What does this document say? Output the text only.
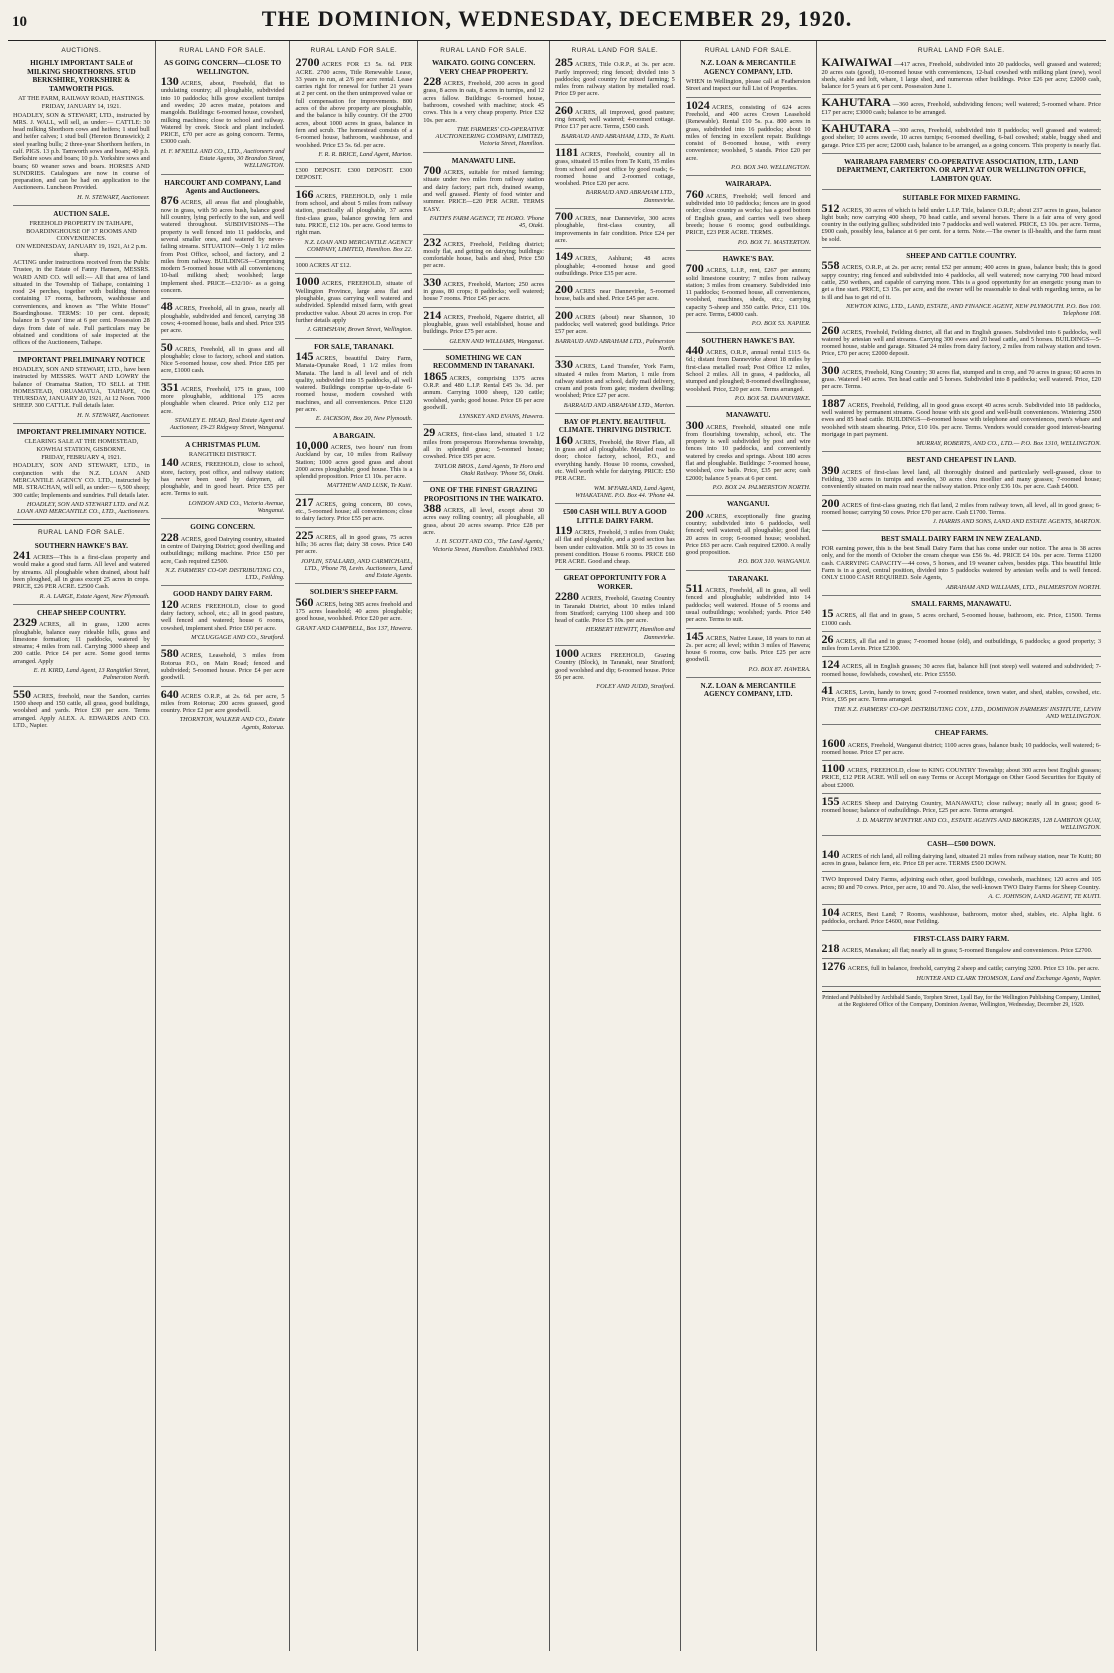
10	THE DOMINION, WEDNESDAY, DECEMBER 29, 1920.
AUCTIONS.
HIGHLY IMPORTANT SALE of MILKING SHORTHORNS. STUD BERKSHIRE, YORKSHIRE & TAMWORTH PIGS.
AT THE FARM, RAILWAY ROAD, HASTINGS.
FRIDAY, JANUARY 14, 1921.
HOADLEY, SON & STEWART, LTD., instructed by MRS. J. WALL, will sell, as under:— CATTLE: 30 head milking Shorthorn cows and heifers; 1 stud bull and heifer calves; 1 stud bull (Hereton Brunswick); 2 steel yearling bulls; 2 three-year Shorthorn heifers, in calf. PIGS. 13 p.b. Tamworth sows and boars; 40 p.b. Berkshire sows and boars; 10 p.b. Yorkshire sows and boars; 60 weaner sows and boars. HORSES AND SUNDRIES. Catalogues are now in course of preparation, and can be had on application to the Auctioneers. Luncheon Provided.
H. N. STEWART, Auctioneer.
AUCTION SALE.
FREEHOLD PROPERTY IN TAIHAPE, BOARDINGHOUSE OF 17 ROOMS AND CONVENIENCES.
ON WEDNESDAY, JANUARY 19, 1921, At 2 p.m. sharp.
ACTING under instructions received from the Public Trustee, in the Estate of Fanny Hansen, MESSRS. WARD AND CO. will sell:— All that area of land situated in the Township of Taihape, containing 1 rood 24 perches, together with building thereon containing 17 rooms, bathroom, washhouse and conveniences, and known as "The White House" Boardinghouse. TERMS: 10 per cent. deposit; balance in 5 years' time at 6 per cent. Possession 28 days from date of sale. Full particulars may be obtained and conditions of sale inspected at the offices of the Auctioneers, Taihape.
IMPORTANT PRELIMINARY NOTICE
HOADLEY, SON AND STEWART, LTD., have been instructed by MESSRS. WATT AND LOWRY the balance of Oramatua Station, TO SELL at THE HOMESTEAD, ORUAMATUA, TAIHAPE, On THURSDAY, JANUARY 20, 1921, At 12 Noon. 7000 SHEEP. 300 CATTLE. Full details later.
H. N. STEWART, Auctioneer.
IMPORTANT PRELIMINARY NOTICE.
CLEARING SALE AT THE HOMESTEAD, KOWHAI STATION, GISBORNE.
FRIDAY, FEBRUARY 4, 1921.
HOADLEY, SON AND STEWART, LTD., in conjunction with the N.Z. LOAN AND MERCANTILE AGENCY CO. LTD., instructed by MR. STRACHAN, will sell, as under:— 6,500 sheep; 300 cattle; Implements and sundries. Full details later.
HOADLEY, SON AND STEWART LTD. and N.Z. LOAN AND MERCANTILE CO., LTD., Auctioneers.
RURAL LAND FOR SALE.
SOUTHERN HAWKE'S BAY.
241 ACRES—This is a first-class property and would make a good stud farm. All level and watered by streams. All ploughable when drained, about half been ploughed, all in grass except 25 acres in crops. PRICE, £26 PER ACRE. £2500 Cash.
R. A. LARGE, Estate Agent, New Plymouth.
CHEAP SHEEP COUNTRY.
2329 ACRES, all in grass, 1200 acres ploughable, balance easy rideable hills, grass and limestone formation; 11 paddocks, watered by streams; 4 miles from rail. Carrying 3000 sheep and 200 cattle. Price £4 per acre. Some good terms arranged. Apply
E. H. KIRD, Land Agent, 13 Rangitikei Street, Palmerston North.
550 ACRES, freehold, near the Sandon, carries 1500 sheep and 150 cattle, all grass, good buildings, woolshed and yards. Price £30 per acre. Terms arranged. Apply ALEX. A. EDWARDS AND CO. LTD., Napier.
RURAL LAND FOR SALE.
AS GOING CONCERN—CLOSE TO WELLINGTON.
130 ACRES, about, Freehold, flat to undulating country; all ploughable, subdivided into 10 paddocks; hills grow excellent turnips and swedes; 20 acres maize, potatoes and mangolds. Buildings: 6-roomed house, cowshed, milking machines; close to school and railway. Watered by creek. Stock and plant included. PRICE, £70 per acre as going concern. Terms, £3000 cash.
H. F. M'NEILL AND CO., LTD., Auctioneers and Estate Agents, 30 Brandon Street, WELLINGTON.
HARCOURT AND COMPANY, Land Agents and Auctioneers.
876 ACRES, all areas flat and ploughable, now in grass, with 50 acres bush, balance good hill country, lying perfectly to the sun, and well watered throughout. SUBDIVISIONS—The property is well fenced into 11 paddocks, and several smaller ones, and watered by never-failing streams. SITUATION—Only 1 1/2 miles from Post Office, school, and factory, and 2 miles from railway. BUILDINGS—Comprising modern 5-roomed house with all conveniences; 10-bail milking shed; woolshed; large implement shed. PRICE—£32/10/- as a going concern.
48 ACRES, Freehold, all in grass, nearly all ploughable, subdivided and fenced, carrying 38 cows; 4-roomed house, bails and shed. Price £95 per acre.
50 ACRES, Freehold, all in grass and all ploughable; close to factory, school and station. Nice 5-roomed house, cow shed. Price £85 per acre, £1000 cash.
351 ACRES, Freehold, 175 in grass, 100 more ploughable, additional 175 acres ploughable when cleared. Price only £12 per acre.
STANLEY E. HEAD, Real Estate Agent and Auctioneer, 19-23 Ridgway Street, Wanganui.
A CHRISTMAS PLUM.
RANGITIKEI DISTRICT.
140 ACRES, FREEHOLD, close to school, store, factory, post office, and railway station; has never been used by dairymen, all ploughable, and in good heart. Price £55 per acre. Terms to suit.
LONDON AND CO., Victoria Avenue, Wanganui.
GOING CONCERN.
228 ACRES, good Dairying country, situated in centre of Dairying District; good dwelling and outbuildings; milking machine. Price £50 per acre, Cash required £2500.
N.Z. FARMERS' CO-OP. DISTRIBUTING CO., LTD., Feilding.
GOOD HANDY DAIRY FARM.
120 ACRES FREEHOLD, close to good dairy factory, school, etc.; all in good pasture, well fenced and watered; house 6 rooms, cowshed, implement shed. Price £60 per acre.
M'CLUGGAGE AND CO., Stratford.
580 ACRES, Leasehold, 3 miles from Rotorua P.O., on Main Road; fenced and subdivided; 5-roomed house. Price £4 per acre goodwill.
640 ACRES O.R.P., at 2s. 6d. per acre, 5 miles from Rotorua; 200 acres grassed, good country. Price £2 per acre goodwill.
THORNTON, WALKER AND CO., Estate Agents, Rotorua.
RURAL LAND FOR SALE.
2700 ACRES FOR £3 5s. 6d. PER ACRE. 2700 acres, Title Renewable Lease, 33 years to run, at 2/6 per acre rental. Lease carries right for renewal for further 21 years at 2 per cent. on the then unimproved value or full compensation for improvements. 800 acres of the above property are ploughable, and the balance is hilly country. Of the 2700 acres, about 1000 acres in grass, balance in fern and scrub. The homestead consists of a 6-roomed house, bathroom, washhouse, and woolshed. Price £3 5s. 6d. per acre.
F. R. R. BRICE, Land Agent, Marton.
£300 DEPOSIT. £300 DEPOSIT. £300 DEPOSIT.
166 ACRES, FREEHOLD, only 1 mile from school, and about 5 miles from railway station, practically all ploughable, 37 acres first-class grass, balance growing fern and tutu. PRICE, £12 10s. per acre. Good terms to right man.
N.Z. LOAN AND MERCANTILE AGENCY COMPANY, LIMITED, Hamilton. Box 22.
1000 ACRES AT £12.
1000 ACRES, FREEHOLD, situate of Wellington Province, large area flat and ploughable, grass carrying well watered and subdivided. Splendid mixed farm, with great productive value. About 20 acres in crop. For further details apply
J. GRIMSHAW, Brown Street, Wellington.
FOR SALE, TARANAKI.
145 ACRES, beautiful Dairy Farm, Manaia-Opunake Road, 1 1/2 miles from Manaia. The land is all level and of rich quality, subdivided into 15 paddocks, all well watered. Buildings comprise up-to-date 6-roomed house, modern cowshed with machines, and all conveniences. Price £120 per acre.
E. JACKSON, Box 20, New Plymouth.
A BARGAIN.
10,000 ACRES, two hours' run from Auckland by car, 10 miles from Railway Station; 1000 acres good grass and about 2000 acres ploughable; good house. This is a splendid proposition. Price £1 10s. per acre.
MATTHEW AND LUSK, Te Kuiti.
217 ACRES, going concern, 80 cows, etc., 5-roomed house; all conveniences; close to dairy factory. Price £55 per acre.
225 ACRES, all in good grass, 75 acres hills; 36 acres flat; dairy 38 cows. Price £40 per acre.
JOPLIN, STALLARD, AND CARMICHAEL, LTD., 'Phone 78, Levin. Auctioneers, Land and Estate Agents.
SOLDIER'S SHEEP FARM.
560 ACRES, being 385 acres freehold and 175 acres leasehold; 40 acres ploughable; good house, woolshed. Price £20 per acre.
GRANT AND CAMPBELL, Box 137, Hawera.
RURAL LAND FOR SALE.
WAIKATO. GOING CONCERN. VERY CHEAP PROPERTY.
228 ACRES, Freehold, 200 acres in good grass, 8 acres in oats, 8 acres in turnips, and 12 acres fallow. Buildings: 6-roomed house, bathroom, cowshed with machine; stock 45 cows. This is a very cheap property. Price £32 10s. per acre.
THE FARMERS' CO-OPERATIVE AUCTIONEERING COMPANY, LIMITED, Victoria Street, Hamilton.
MANAWATU LINE.
700 ACRES, suitable for mixed farming; situate under two miles from railway station and dairy factory; part rich, drained swamp, and well grassed. Plenty of food winter and summer. PRICE—£20 PER ACRE. TERMS EASY.
FAITH'S FARM AGENCY, TE HORO. 'Phone 45, Otaki.
232 ACRES, Freehold, Feilding district; mostly flat, and getting on dairying; buildings: comfortable house, bails and shed, Price £50 per acre.
330 ACRES, Freehold, Marton; 250 acres in grass, 80 crops; 8 paddocks; well watered; house 7 rooms. Price £45 per acre.
214 ACRES, Freehold, Ngaere district, all ploughable, grass well established, house and buildings. Price £75 per acre.
GLENN AND WILLIAMS, Wanganui.
SOMETHING WE CAN RECOMMEND IN TARANAKI.
1865 ACRES, comprising 1375 acres O.R.P. and 480 L.I.P. Rental £45 3s. 3d. per annum. Carrying 1000 sheep, 120 cattle; woolshed, yards; good house. Price £6 per acre goodwill.
LYNSKEY AND EVANS, Hawera.
29 ACRES, first-class land, situated 1 1/2 miles from prosperous Horowhenua township, all in splendid grass; 5-roomed house; cowshed. Price £95 per acre.
TAYLOR BROS., Land Agents, Te Horo and Otaki Railway. 'Phone 56, Otaki.
ONE OF THE FINEST GRAZING PROPOSITIONS IN THE WAIKATO.
388 ACRES, all level, except about 30 acres easy rolling country; all ploughable, all grass, about 20 acres swamp. Price £28 per acre.
J. H. SCOTT AND CO., 'The Land Agents,' Victoria Street, Hamilton. Established 1903.
RURAL LAND FOR SALE.
285 ACRES, Title O.R.P., at 3s. per acre. Partly improved; ring fenced; divided into 3 paddocks; good country for mixed farming; 5 miles from railway station by metalled road. Price £9 per acre.
260 ACRES, all improved, good pasture; ring fenced; well watered; 4-roomed cottage. Price £17 per acre. Terms, £500 cash.
BARRAUD AND ABRAHAM, LTD., Te Kuiti.
1181 ACRES, Freehold, country all in grass, situated 15 miles from Te Kuiti, 35 miles from school and post office by good roads; 6-roomed house and 2-roomed cottage, woolshed. Price £20 per acre.
BARRAUD AND ABRAHAM LTD., Dannevirke.
700 ACRES, near Dannevirke, 300 acres ploughable, first-class country, all improvements in fair condition. Price £24 per acre.
149 ACRES, Ashhurst; 48 acres ploughable; 4-roomed house and good outbuildings. Price £35 per acre.
200 ACRES near Dannevirke, 5-roomed house, bails and shed. Price £45 per acre.
200 ACRES (about) near Shannon, 10 paddocks; well watered; good buildings. Price £57 per acre.
BARRAUD AND ABRAHAM LTD., Palmerston North.
330 ACRES, Land Transfer, York Farm, situated 4 miles from Marton, 1 mile from railway station and school, daily mail delivery, cream and posts from gate; modern dwelling; woolshed; Price £27 per acre.
BARRAUD AND ABRAHAM LTD., Marton.
BAY OF PLENTY. BEAUTIFUL CLIMATE. THRIVING DISTRICT.
160 ACRES, Freehold, the River Flats, all in grass and all ploughable. Metalled road to door; choice factory, school, P.O., and everything handy. House 10 rooms, cowshed, etc. Well worth while for dairying. PRICE: £50 PER ACRE.
WM. M'FARLAND, Land Agent, WHAKATANE. P.O. Box 44. 'Phone 44.
£500 CASH WILL BUY A GOOD LITTLE DAIRY FARM.
119 ACRES, Freehold, 3 miles from Otaki; all flat and ploughable, and a good section has been under cultivation. Milk 30 to 35 cows in present condition. House 6 rooms. PRICE £60 PER ACRE. Good and cheap.
GREAT OPPORTUNITY FOR A WORKER.
2280 ACRES, Freehold, Grazing Country in Taranaki District, about 10 miles inland from Stratford; carrying 1100 sheep and 100 head of cattle. Price £5 10s. per acre.
HERBERT HEWITT, Hamilton and Dannevirke.
1000 ACRES FREEHOLD, Grazing Country (Block), in Taranaki, near Stratford; good woolshed and dip; 6-roomed house. Price £6 per acre.
FOLEY AND JUDD, Stratford.
RURAL LAND FOR SALE.
N.Z. LOAN & MERCANTILE AGENCY COMPANY, LTD.
WHEN in Wellington, please call at Featherston Street and inspect our full List of Properties.
1024 ACRES, consisting of 624 acres Freehold, and 400 acres Crown Leasehold (Renewable). Rental £10 5s. p.a. 800 acres in grass, subdivided into 16 paddocks; about 10 miles of fencing in excellent repair. Buildings consist of 8-roomed house, with every convenience; woolshed, 5 stands. Price £20 per acre.
P.O. BOX 340. WELLINGTON.
WAIRARAPA.
760 ACRES, Freehold; well fenced and subdivided into 10 paddocks; fences are in good order; close country as works; has a good bottom of English grass, and carries well two sheep breeds; house 6 rooms; good outbuildings. PRICE, £23 PER ACRE. TERMS.
P.O. BOX 71. MASTERTON.
HAWKE'S BAY.
700 ACRES, L.I.P., rent, £267 per annum; solid limestone country; 7 miles from railway station; 3 miles from creamery. Subdivided into 11 paddocks; 6-roomed house, all conveniences, woolshed, machines, sheds, etc.; carrying capacity 5-sheep and 350 cattle. Price, £11 10s. per acre. Terms, £4000 cash.
P.O. BOX 53. NAPIER.
SOUTHERN HAWKE'S BAY.
440 ACRES, O.R.P., annual rental £115 6s. 6d.; distant from Dannevirke about 18 miles by first-class metalled road; Post Office 12 miles, School 2 miles. All in grass, 4 paddocks, all stumped and ploughed; 8-roomed dwellinghouse, woolshed. Price, £20 per acre. Terms arranged.
P.O. BOX 58. DANNEVIRKE.
MANAWATU.
300 ACRES, Freehold, situated one mile from flourishing township, school, etc. The property is well subdivided by post and wire fences into 10 paddocks, and conveniently watered by creeks and springs. About 180 acres flat and ploughable. Buildings: 7-roomed house, woolshed, cow bails. Price, £35 per acre; cash £2000; balance 5 years at 6 per cent.
P.O. BOX 24. PALMERSTON NORTH.
WANGANUI.
200 ACRES, exceptionally fine grazing country; subdivided into 6 paddocks, well fenced; well watered; all ploughable; good flat; 20 acres in crop; 6-roomed house; woolshed. Price £63 per acre. Cash required £2000. A really good proposition.
P.O. BOX 310. WANGANUI.
TARANAKI.
511 ACRES, Freehold, all in grass, all well fenced and ploughable; subdivided into 14 paddocks; well watered. House of 5 rooms and usual outbuildings; woolshed; yards. Price £40 per acre. Terms to suit.
145 ACRES, Native Lease, 18 years to run at 2s. per acre; all level; within 3 miles of Hawera; house 6 rooms, cow bails. Price £25 per acre goodwill.
P.O. BOX 87. HAWERA.
N.Z. LOAN & MERCANTILE AGENCY COMPANY, LTD.
RURAL LAND FOR SALE.
KAIWAIWAI —417 acres, Freehold, subdivided into 20 paddocks, well grassed and watered; 20 acres oats (good), 10-roomed house with conveniences, 12-bail cowshed with milking plant (new), wool sheds, stable and loft, whare, 1 large shed, and numerous other buildings. Price £26 per acre; £2000 cash, balance for 5 years at 6 per cent. Possession June 1.
KAHUTARA —360 acres, Freehold, subdividing fences; well watered; 5-roomed whare. Price £17 per acre; £3000 cash; balance to be arranged.
KAHUTARA —300 acres, Freehold, subdivided into 8 paddocks; well grassed and watered; good shelter; 10 acres swede, 10 acres turnips; 6-roomed dwelling, 6-bail cowshed; stable, buggy shed and garage. Price £35 per acre; £2000 cash, balance to be arranged, as a going concern. This property is nearly flat.
WAIRARAPA FARMERS' CO-OPERATIVE ASSOCIATION, LTD., LAND DEPARTMENT, CARTERTON. OR APPLY AT OUR WELLINGTON OFFICE, LAMBTON QUAY.
SUITABLE FOR MIXED FARMING.
512 ACRES, 30 acres of which is held under L.I.P. Title, balance O.R.P.; about 237 acres in grass, balance light bush; now carrying 400 sheep, 70 head cattle, and several horses. There is a fair area of very good country in the outlying gullies; subdivided into 7 paddocks and well watered. PRICE, £3 10s. per acre. Terms, £900 cash, possibly less, balance at 6 per cent. for a term. Note.—The owner is ill-health, and the farm must be sold.
SHEEP AND CATTLE COUNTRY.
558 ACRES, O.R.P., at 2s. per acre; rental £52 per annum; 400 acres in grass, balance bush; this is good sappy country; ring fenced and subdivided into 4 paddocks, all well watered; now carrying 700 head mixed cattle, 250 wethers, and capable of carrying more. This is a good opportunity for an energetic young man to get a fine start. PRICE, £3 15s. per acre, and the owner will be reasonable to deal with regarding terms, as he is ill and has to get rid of it.
NEWTON KING, LTD., LAND, ESTATE, AND FINANCE AGENT, NEW PLYMOUTH. P.O. Box 100. Telephone 108.
260 ACRES, Freehold, Feilding district, all flat and in English grasses. Subdivided into 6 paddocks, well watered by artesian well and streams. Carrying 300 ewes and 20 head cattle, and 5 horses. BUILDINGS—5-roomed house, stable and garage. Situated 24 miles from dairy factory, 2 miles from railway station and town. Price, £70 per acre; £2000 deposit.
300 ACRES, Freehold, King Country; 30 acres flat, stumped and in crop, and 70 acres in grass; 60 acres in grass. Watered 140 acres. Ten head cattle and 5 horses. Subdivided into 8 paddocks; well watered. Price, £20 per acre. Terms.
1887 ACRES, Freehold, Feilding, all in good grass except 40 acres scrub. Subdivided into 18 paddocks, well watered by permanent streams. Good house with six good and well-built conveniences. Wintering 2500 ewes and 85 head cattle. BUILDINGS—8-roomed house with telephone and conveniences, men's whare and woolshed with steam shearing. Price, £10 10s. per acre. Terms. Vendors would consider good interest-bearing mortgage in part payment.
MURRAY, ROBERTS, AND CO., LTD.— P.O. Box 1310, WELLINGTON.
BEST AND CHEAPEST IN LAND.
390 ACRES of first-class level land, all thoroughly drained and particularly well-grassed, close to Feilding, 330 acres in turnips and swedes, 30 acres chou moellier and many grasses; 7-roomed house; conveniently situated on main road near the railway station. Price only £36 10s. per acre. Cash £4000.
200 ACRES of first-class grazing, rich flat land, 2 miles from railway town, all level, all in good grass; 6-roomed house; carrying 50 cows. Price £70 per acre. Cash £1700. Terms.
J. HARRIS AND SONS, LAND AND ESTATE AGENTS, MARTON.
BEST SMALL DAIRY FARM IN NEW ZEALAND.
FOR earning power, this is the best Small Dairy Farm that has come under our notice. The area is 38 acres only, and for the month of October the cream cheque was £56 9s. 4d. PRICE £4 10s. per acre. Terms £1200 cash. CARRYING CAPACITY—44 cows, 5 horses, and 19 weaner calves, besides pigs. This beautiful little Farm is in a good, central position, divided into 5 paddocks watered by artesian wells and is well fenced. ONLY £1000 CASH REQUIRED. Sole Agents,
ABRAHAM AND WILLIAMS, LTD., PALMERSTON NORTH.
SMALL FARMS, MANAWATU.
15 ACRES, all flat and in grass, 5 acres orchard, 5-roomed house, bathroom, etc. Price, £1500. Terms £1000 cash.
26 ACRES, all flat and in grass; 7-roomed house (old), and outbuildings, 6 paddocks; a good property; 3 miles from Levin. Price £2300.
124 ACRES, all in English grasses; 30 acres flat, balance hill (not steep) well watered and subdivided; 7-roomed house, fowlsheds, cowshed, etc. Price £5550.
41 ACRES, Levin, handy to town; good 7-roomed residence, town water, and shed, stables, cowshed, etc. Price, £95 per acre. Terms arranged.
THE N.Z. FARMERS' CO-OP. DISTRIBUTING COY., LTD., DOMINION FARMERS' INSTITUTE, LEVIN AND WELLINGTON.
CHEAP FARMS.
1600 ACRES, Freehold, Wanganui district; 1100 acres grass, balance bush; 10 paddocks, well watered; 6-roomed house. Price £7 per acre.
1100 ACRES, FREEHOLD, close to KING COUNTRY Township; about 300 acres best English grasses; PRICE, £12 PER ACRE. Will sell on easy Terms or Accept Mortgage on Other Good Securities for Equity of about £2000.
155 ACRES Sheep and Dairying Country, MANAWATU; close railway; nearly all in grass; good 6-roomed house; balance of outbuildings. Price, £25 per acre. Terms arranged.
J. D. MARTIN M'INTYRE AND CO., ESTATE AGENTS AND BROKERS, 128 LAMBTON QUAY, WELLINGTON.
CASH—£500 DOWN.
140 ACRES of rich land, all rolling dairying land, situated 21 miles from railway station, near Te Kuiti; 80 acres in grass, balance fern, etc. Price £8 per acre. TERMS £500 DOWN.
TWO Improved Dairy Farms, adjoining each other, good buildings, cowsheds, machines; 120 acres and 105 acres; 80 and 70 cows. Price, per acre, 10 and 70. Also, the well-known TWO Dairy Farms for Sheep Country.
A. C. JOHNSON, LAND AGENT, TE KUITI.
104 ACRES, Best Land; 7 Rooms, washhouse, bathroom, motor shed, stables, etc. Alpha light. 6 paddocks, orchard. Price £4600, near Feilding.
FIRST-CLASS DAIRY FARM.
218 ACRES, Manakau; all flat; nearly all in grass; 5-roomed Bungalow and conveniences. Price £2700.
1276 ACRES, full in balance, freehold, carrying 2 sheep and cattle; carrying 3200. Price £3 10s. per acre.
HUNTER AND CLARK THOMSON, Land and Exchange Agents, Napier.
Printed and Published by Archibald Sando, Torphen Street, Lyall Bay, for the Wellington Publishing Company, Limited, at the Registered Office of the Company, Dominion Avenue, Wellington, Wednesday, December 29, 1920.
